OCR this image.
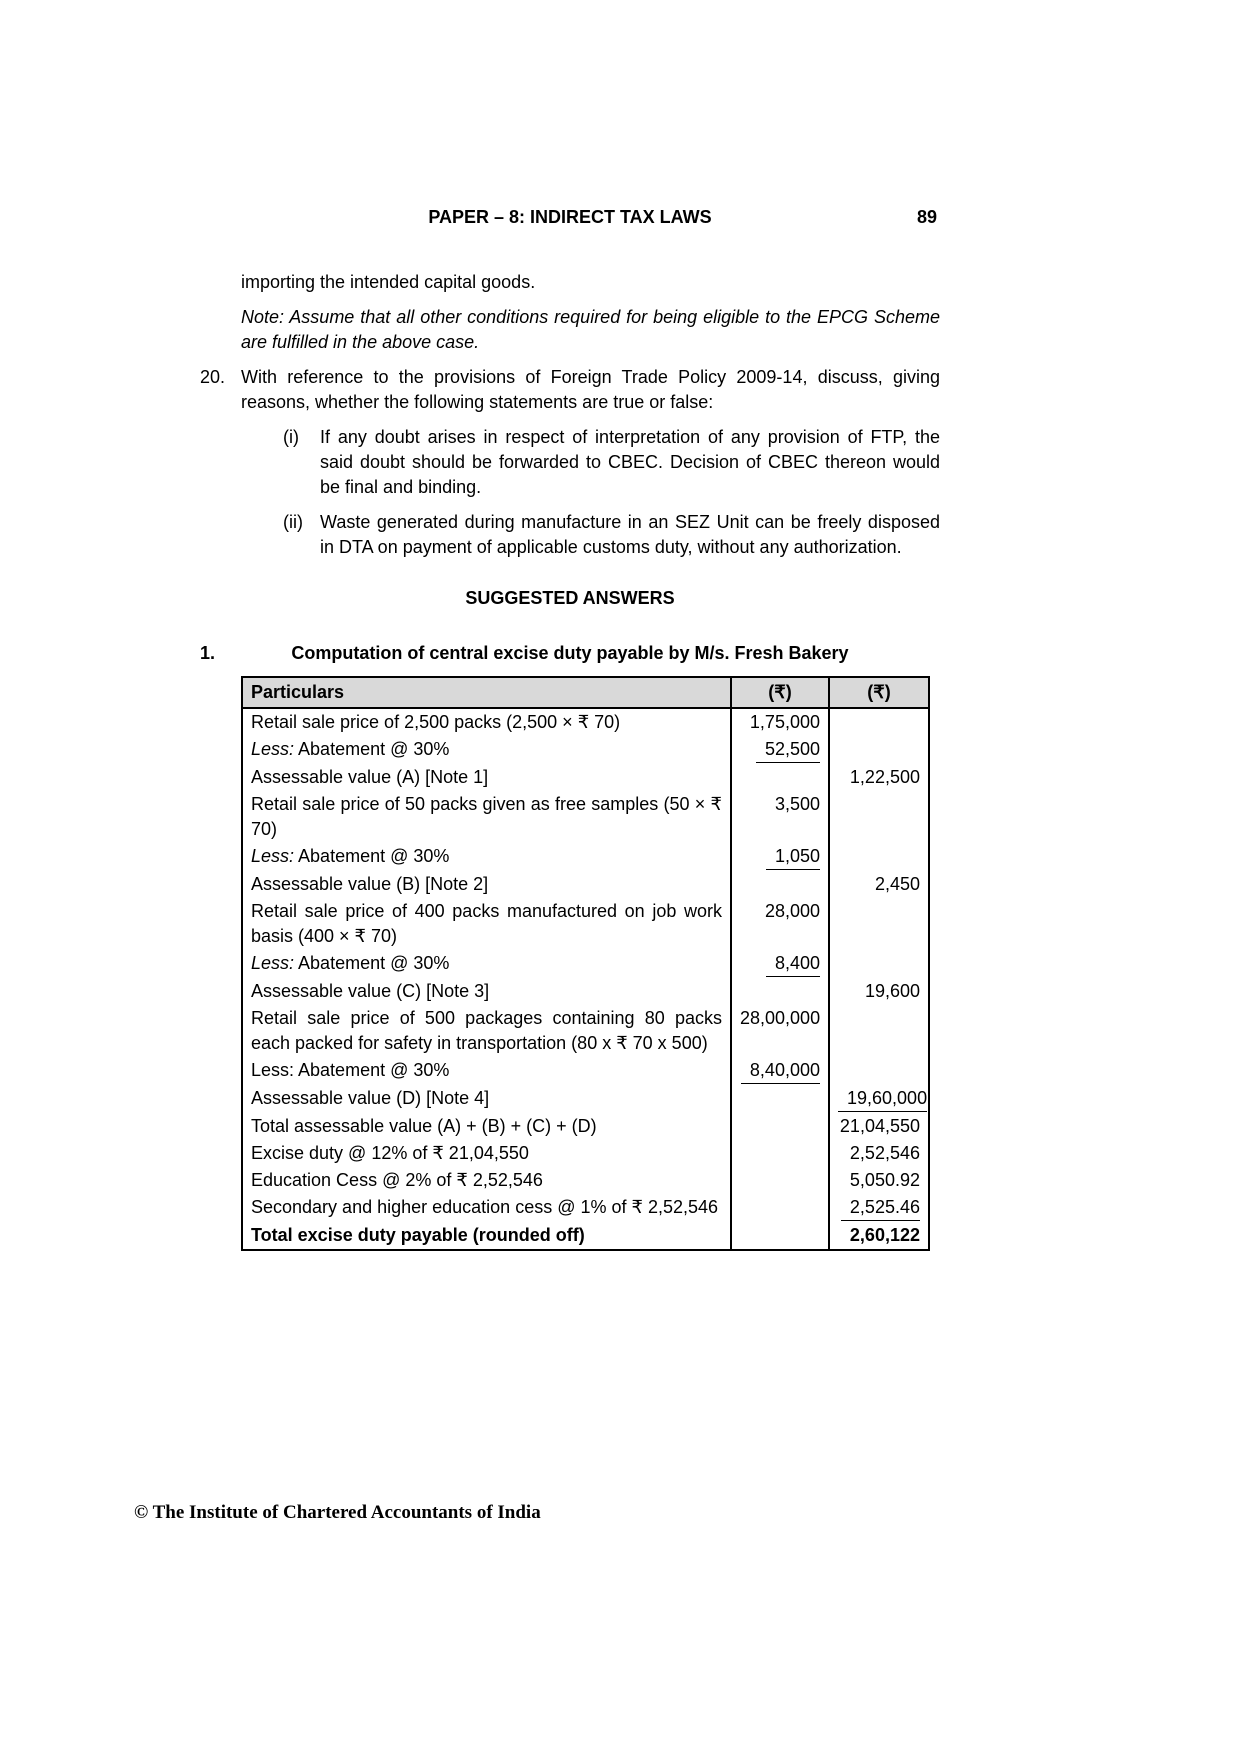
PAPER – 8: INDIRECT TAX LAWS	89

importing the intended capital goods.

Note: Assume that all other conditions required for being eligible to the EPCG Scheme are fulfilled in the above case.

20. With reference to the provisions of Foreign Trade Policy 2009-14, discuss, giving reasons, whether the following statements are true or false:

(i)	If any doubt arises in respect of interpretation of any provision of FTP, the said doubt should be forwarded to CBEC. Decision of CBEC thereon would be final and binding.

(ii) Waste generated during manufacture in an SEZ Unit can be freely disposed in DTA on payment of applicable customs duty, without any authorization.

SUGGESTED ANSWERS
1.	Computation of central excise duty payable by M/s. Fresh Bakery
Particulars	(₹)	(₹)
Retail sale price of 2,500 packs (2,500 × ₹ 70)	1,75,000	
Less: Abatement @ 30%	52,500	
Assessable value (A) [Note 1]		1,22,500
Retail sale price of 50 packs given as free samples (50 × ₹ 70)	3,500	
Less: Abatement @ 30%	1,050	
Assessable value (B) [Note 2]		2,450
Retail sale price of 400 packs manufactured on job work basis (400 × ₹ 70)	28,000	
Less: Abatement @ 30%	8,400	
Assessable value (C) [Note 3]		19,600
Retail sale price of 500 packages containing 80 packs each packed for safety in transportation (80 x ₹ 70 x 500)	28,00,000	
Less: Abatement @ 30%	8,40,000	
Assessable value (D) [Note 4]		19,60,000
Total assessable value (A) + (B) + (C) + (D)		21,04,550
Excise duty @ 12% of ₹ 21,04,550		2,52,546
Education Cess @ 2% of ₹ 2,52,546		5,050.92
Secondary and higher education cess @ 1% of ₹ 2,52,546		2,525.46
Total excise duty payable (rounded off)		2,60,122
© The Institute of Chartered Accountants of India
